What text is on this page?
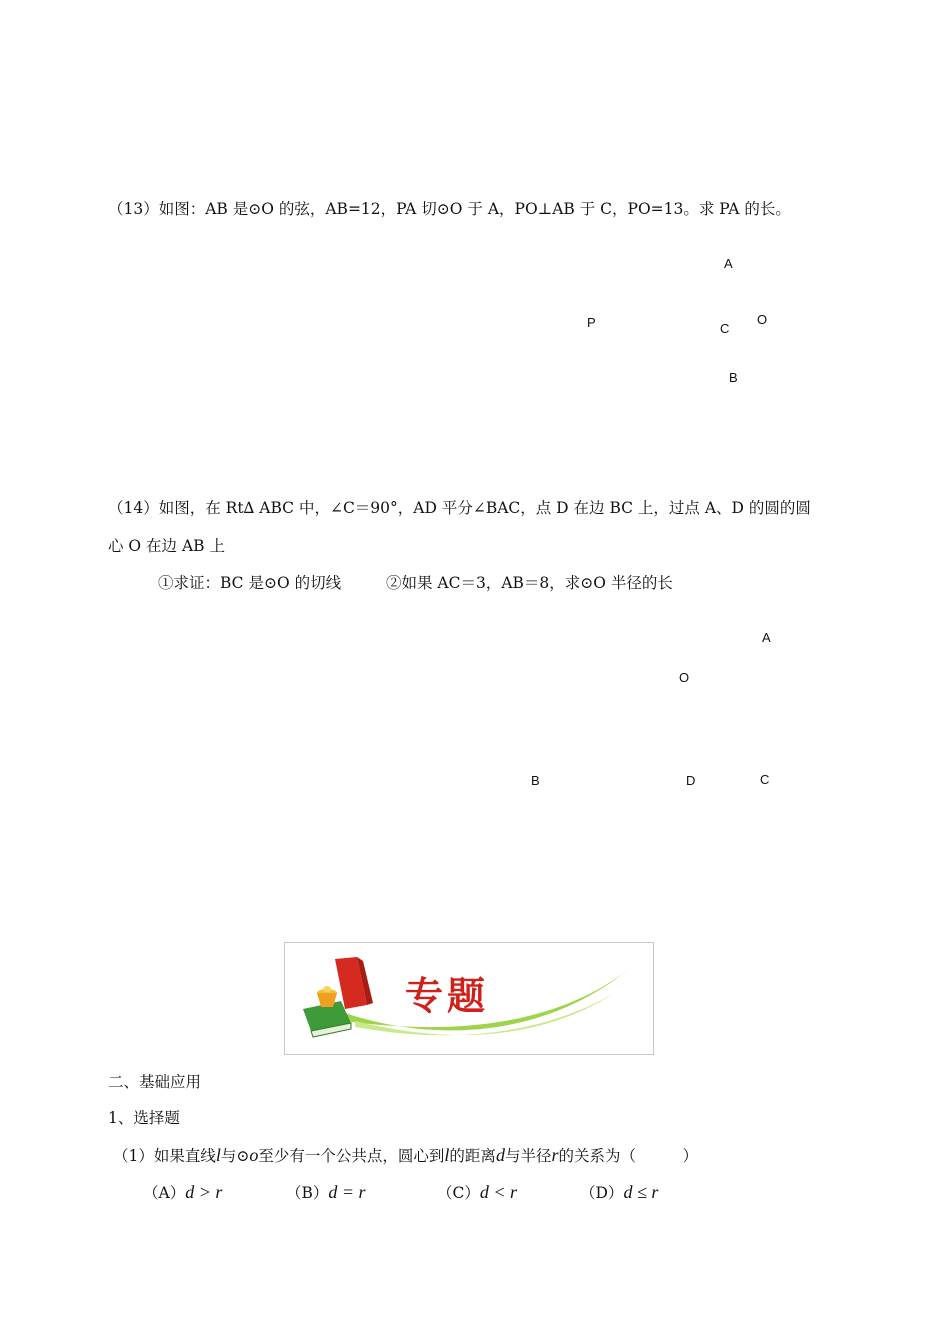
（13）如图：AB 是⊙O 的弦，AB=12，PA 切⊙O 于 A，PO⊥AB 于 C，PO=13。求 PA 的长。
A
P	C
O
B
（14）如图，在 Rt∆ ABC 中，∠C＝90°，AD 平分∠BAC，点 D 在边 BC 上，过点 A、D 的圆的圆
心 O 在边 AB 上
①求证：BC 是⊙O 的切线	②如果 AC＝3，AB＝8，求⊙O 半径的长
A
O
B	D	C
专题
二、基础应用
1、选择题
（1）如果直线l与⊙o至少有一个公共点，圆心到l的距离d与半径r的关系为（　　　）
（A）d > r	（B）d = r	（C）d < r	（D）d ≤ r
